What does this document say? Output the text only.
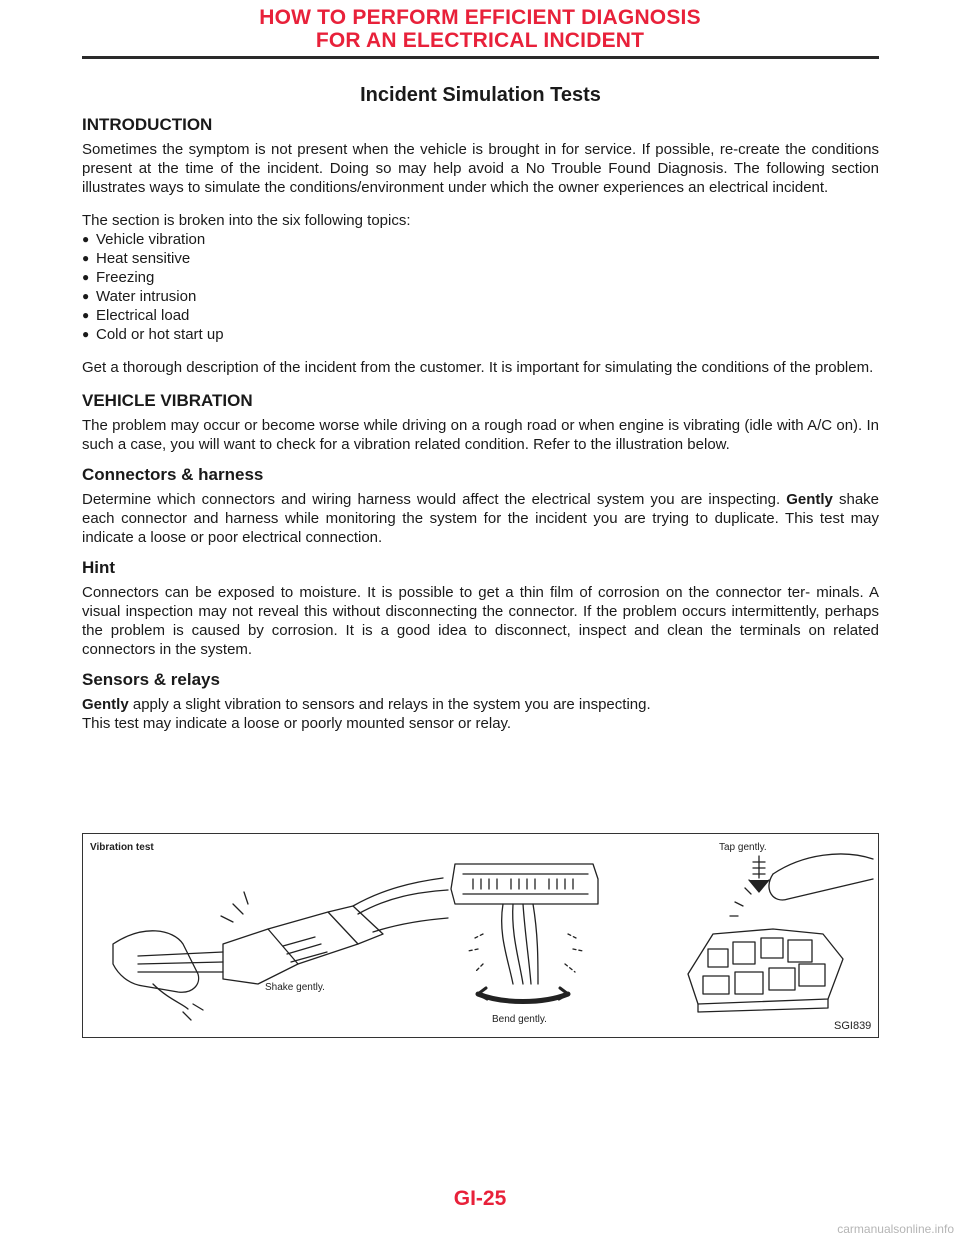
HOW TO PERFORM EFFICIENT DIAGNOSIS
FOR AN ELECTRICAL INCIDENT
Incident Simulation Tests
INTRODUCTION

Sometimes the symptom is not present when the vehicle is brought in for service. If possible, re-create the conditions present at the time of the incident. Doing so may help avoid a No Trouble Found Diagnosis. The following section illustrates ways to simulate the conditions/environment under which the owner experiences an electrical incident.

The section is broken into the six following topics:

● Vehicle vibration
● Heat sensitive
● Freezing
● Water intrusion
● Electrical load
● Cold or hot start up

Get a thorough description of the incident from the customer. It is important for simulating the conditions of the problem.

VEHICLE VIBRATION

The problem may occur or become worse while driving on a rough road or when engine is vibrating (idle with A/C on). In such a case, you will want to check for a vibration related condition. Refer to the illustration below.

Connectors & harness

Determine which connectors and wiring harness would affect the electrical system you are inspecting. Gently shake each connector and harness while monitoring the system for the incident you are trying to duplicate. This test may indicate a loose or poor electrical connection.

Hint

Connectors can be exposed to moisture. It is possible to get a thin film of corrosion on the connector ter- minals. A visual inspection may not reveal this without disconnecting the connector. If the problem occurs intermittently, perhaps the problem is caused by corrosion. It is a good idea to disconnect, inspect and clean the terminals on related connectors in the system.

Sensors & relays

Gently apply a slight vibration to sensors and relays in the system you are inspecting.

This test may indicate a loose or poorly mounted sensor or relay.

Vibration test
Shake gently.
Bend gently.
Tap gently.
SGI839
GI-25
carmanualsonline.info
